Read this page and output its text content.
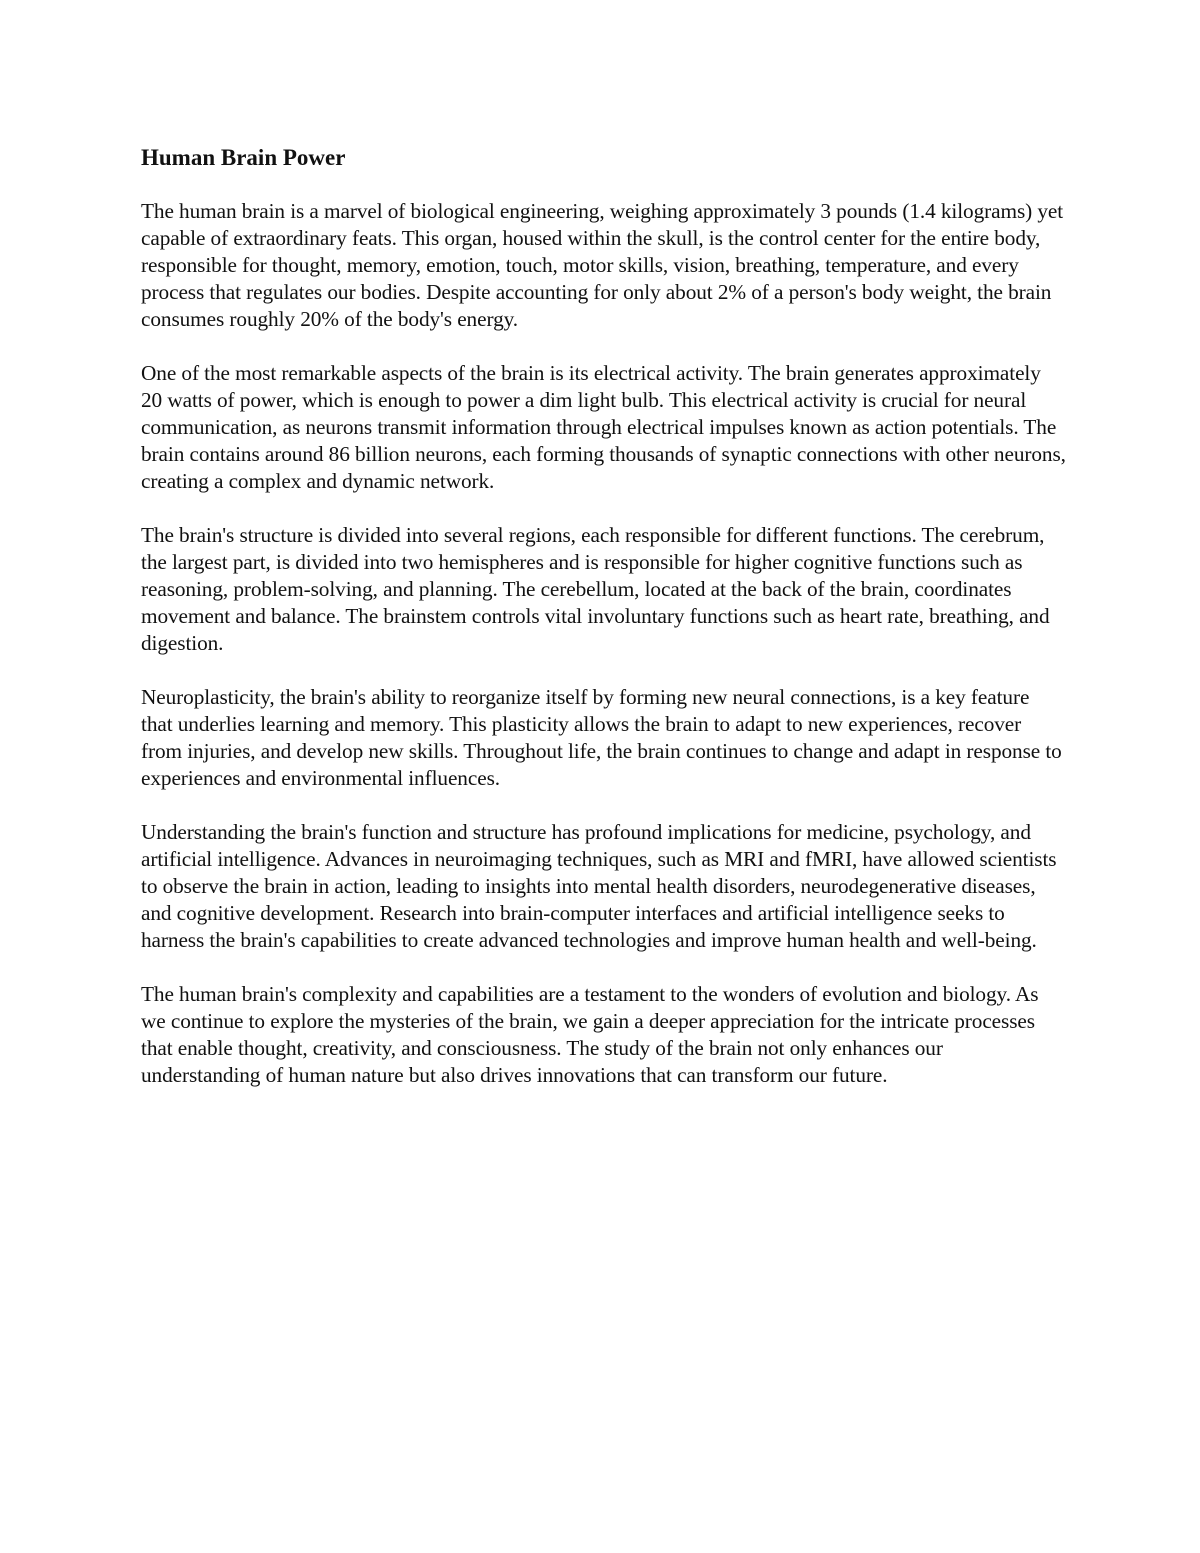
Human Brain Power

The human brain is a marvel of biological engineering, weighing approximately 3 pounds (1.4 kilograms) yet capable of extraordinary feats. This organ, housed within the skull, is the control center for the entire body, responsible for thought, memory, emotion, touch, motor skills, vision, breathing, temperature, and every process that regulates our bodies. Despite accounting for only about 2% of a person's body weight, the brain consumes roughly 20% of the body's energy.

One of the most remarkable aspects of the brain is its electrical activity. The brain generates approximately 20 watts of power, which is enough to power a dim light bulb. This electrical activity is crucial for neural communication, as neurons transmit information through electrical impulses known as action potentials. The brain contains around 86 billion neurons, each forming thousands of synaptic connections with other neurons, creating a complex and dynamic network.

The brain's structure is divided into several regions, each responsible for different functions. The cerebrum, the largest part, is divided into two hemispheres and is responsible for higher cognitive functions such as reasoning, problem-solving, and planning. The cerebellum, located at the back of the brain, coordinates movement and balance. The brainstem controls vital involuntary functions such as heart rate, breathing, and digestion.

Neuroplasticity, the brain's ability to reorganize itself by forming new neural connections, is a key feature that underlies learning and memory. This plasticity allows the brain to adapt to new experiences, recover from injuries, and develop new skills. Throughout life, the brain continues to change and adapt in response to experiences and environmental influences.

Understanding the brain's function and structure has profound implications for medicine, psychology, and artificial intelligence. Advances in neuroimaging techniques, such as MRI and fMRI, have allowed scientists to observe the brain in action, leading to insights into mental health disorders, neurodegenerative diseases, and cognitive development. Research into brain-computer interfaces and artificial intelligence seeks to harness the brain's capabilities to create advanced technologies and improve human health and well-being.

The human brain's complexity and capabilities are a testament to the wonders of evolution and biology. As we continue to explore the mysteries of the brain, we gain a deeper appreciation for the intricate processes that enable thought, creativity, and consciousness. The study of the brain not only enhances our understanding of human nature but also drives innovations that can transform our future.
